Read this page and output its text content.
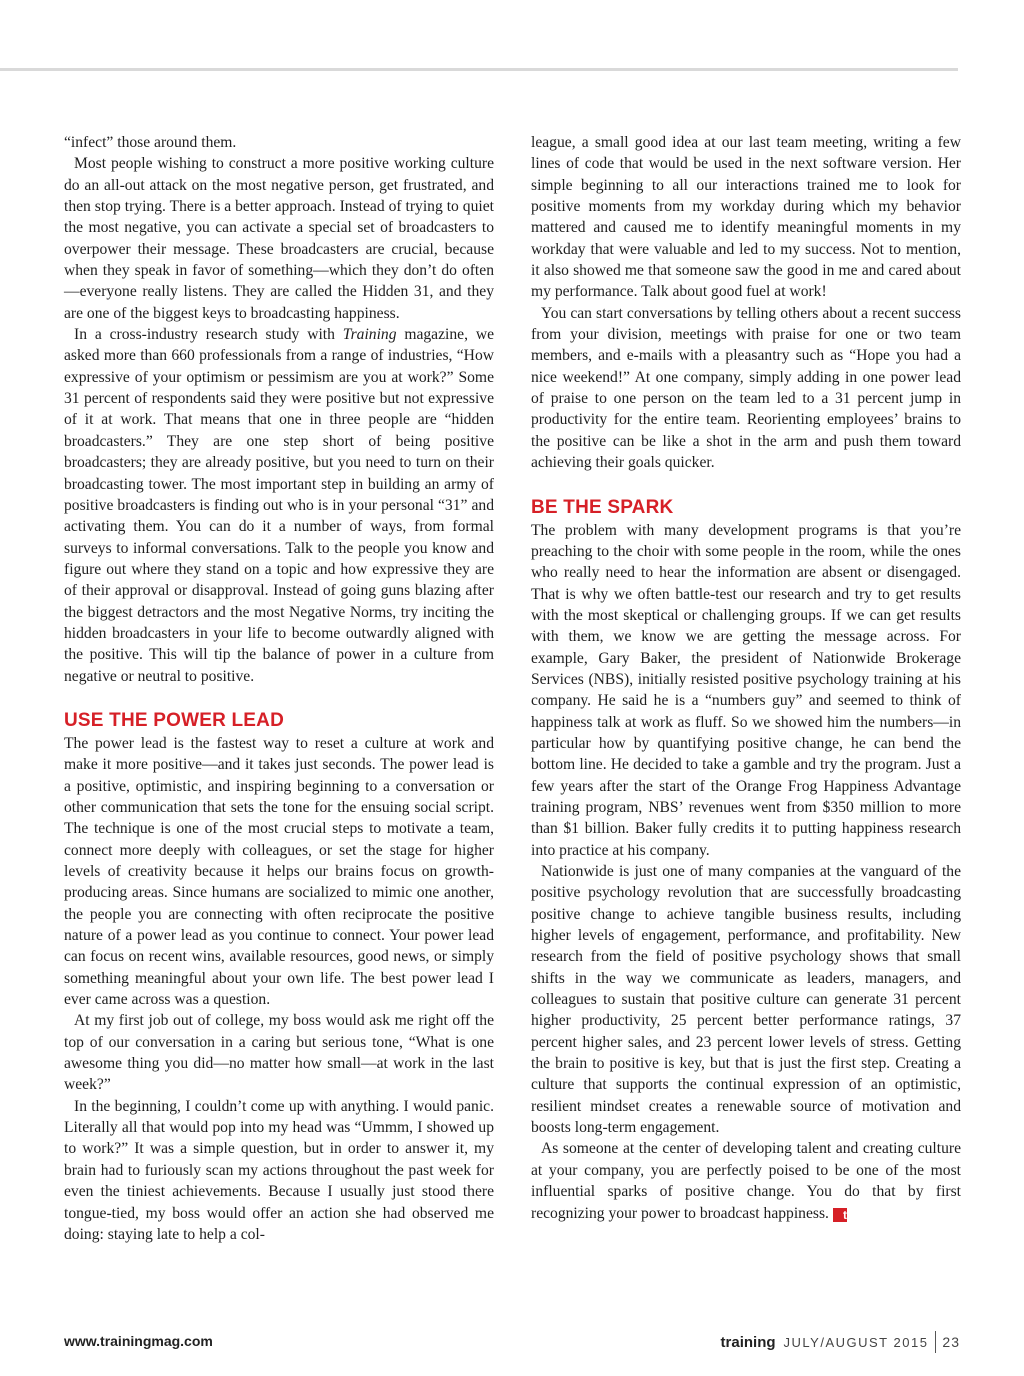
“infect” those around them.

Most people wishing to construct a more positive working culture do an all-out attack on the most negative person, get frustrated, and then stop trying. There is a better approach. Instead of trying to quiet the most negative, you can activate a special set of broadcasters to overpower their message. These broadcasters are crucial, because when they speak in favor of something—which they don’t do often—everyone really listens. They are called the Hidden 31, and they are one of the biggest keys to broadcasting happiness.

In a cross-industry research study with Training magazine, we asked more than 660 professionals from a range of industries, “How expressive of your optimism or pessimism are you at work?” Some 31 percent of respondents said they were positive but not expressive of it at work. That means that one in three people are “hidden broadcasters.” They are one step short of being positive broadcasters; they are already positive, but you need to turn on their broadcasting tower. The most important step in building an army of positive broadcasters is finding out who is in your personal “31” and activating them. You can do it a number of ways, from formal surveys to informal conversations. Talk to the people you know and figure out where they stand on a topic and how expressive they are of their approval or disapproval. Instead of going guns blazing after the biggest detractors and the most Negative Norms, try inciting the hidden broadcasters in your life to become outwardly aligned with the positive. This will tip the balance of power in a culture from negative or neutral to positive.

USE THE POWER LEAD

The power lead is the fastest way to reset a culture at work and make it more positive—and it takes just seconds. The power lead is a positive, optimistic, and inspiring beginning to a conversation or other communication that sets the tone for the ensuing social script. The technique is one of the most crucial steps to motivate a team, connect more deeply with colleagues, or set the stage for higher levels of creativity because it helps our brains focus on growth-producing areas. Since humans are socialized to mimic one another, the people you are connecting with often reciprocate the positive nature of a power lead as you continue to connect. Your power lead can focus on recent wins, available resources, good news, or simply something meaningful about your own life. The best power lead I ever came across was a question.

At my first job out of college, my boss would ask me right off the top of our conversation in a caring but serious tone, “What is one awesome thing you did—no matter how small—at work in the last week?”

In the beginning, I couldn’t come up with anything. I would panic. Literally all that would pop into my head was “Ummm, I showed up to work?” It was a simple question, but in order to answer it, my brain had to furiously scan my actions throughout the past week for even the tiniest achievements. Because I usually just stood there tongue-tied, my boss would offer an action she had observed me doing: staying late to help a col-

league, a small good idea at our last team meeting, writing a few lines of code that would be used in the next software version. Her simple beginning to all our interactions trained me to look for positive moments from my workday during which my behavior mattered and caused me to identify meaningful moments in my workday that were valuable and led to my success. Not to mention, it also showed me that someone saw the good in me and cared about my performance. Talk about good fuel at work!

You can start conversations by telling others about a recent success from your division, meetings with praise for one or two team members, and e-mails with a pleasantry such as “Hope you had a nice weekend!” At one company, simply adding in one power lead of praise to one person on the team led to a 31 percent jump in productivity for the entire team. Reorienting employees’ brains to the positive can be like a shot in the arm and push them toward achieving their goals quicker.

BE THE SPARK

The problem with many development programs is that you’re preaching to the choir with some people in the room, while the ones who really need to hear the information are absent or disengaged. That is why we often battle-test our research and try to get results with the most skeptical or challenging groups. If we can get results with them, we know we are getting the message across. For example, Gary Baker, the president of Nationwide Brokerage Services (NBS), initially resisted positive psychology training at his company. He said he is a “numbers guy” and seemed to think of happiness talk at work as fluff. So we showed him the numbers—in particular how by quantifying positive change, he can bend the bottom line. He decided to take a gamble and try the program. Just a few years after the start of the Orange Frog Happiness Advantage training program, NBS’ revenues went from $350 million to more than $1 billion. Baker fully credits it to putting happiness research into practice at his company.

Nationwide is just one of many companies at the vanguard of the positive psychology revolution that are successfully broadcasting positive change to achieve tangible business results, including higher levels of engagement, performance, and profitability. New research from the field of positive psychology shows that small shifts in the way we communicate as leaders, managers, and colleagues to sustain that positive culture can generate 31 percent higher productivity, 25 percent better performance ratings, 37 percent higher sales, and 23 percent lower levels of stress. Getting the brain to positive is key, but that is just the first step. Creating a culture that supports the continual expression of an optimistic, resilient mindset creates a renewable source of motivation and boosts long-term engagement.

As someone at the center of developing talent and creating culture at your company, you are perfectly poised to be one of the most influential sparks of positive change. You do that by first recognizing your power to broadcast happiness. t

www.trainingmag.com	training JULY/AUGUST 2015 23
